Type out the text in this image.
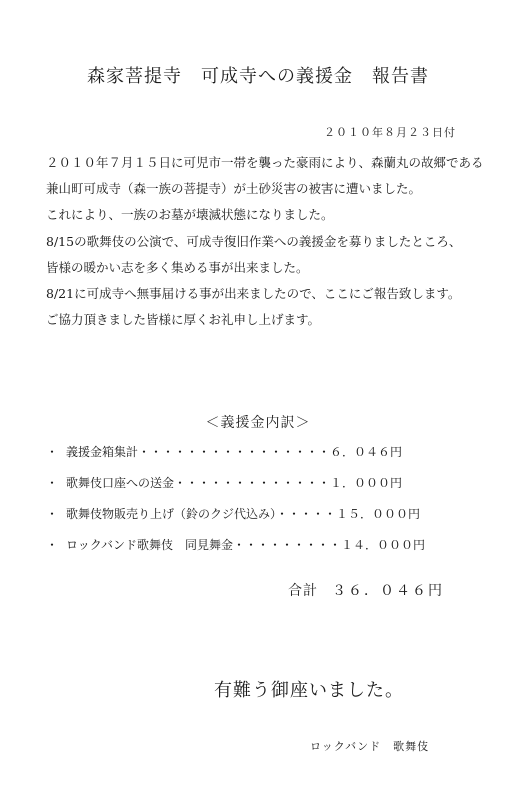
森家菩提寺　可成寺への義援金　報告書
２０１０年８月２３日付
２０１０年７月１５日に可児市一帯を襲った豪雨により、森蘭丸の故郷である
兼山町可成寺（森一族の菩提寺）が土砂災害の被害に遭いました。
これにより、一族のお墓が壊滅状態になりました。
8/15の歌舞伎の公演で、可成寺復旧作業への義援金を募りましたところ、
皆様の暖かい志を多く集める事が出来ました。
8/21に可成寺へ無事届ける事が出来ましたので、ここにご報告致します。
ご協力頂きました皆様に厚くお礼申し上げます。
＜義援金内訳＞
・ 義援金箱集計・・・・・・・・・・・・・・・・６．０４６円
・ 歌舞伎口座への送金・・・・・・・・・・・・・１．０００円
・ 歌舞伎物販売り上げ（鈴のクジ代込み）・・・・・１５．０００円
・ ロックバンド歌舞伎　同見舞金・・・・・・・・・１４．０００円
合計 ３６．０４６円
有難う御座いました。
ロックバンド　歌舞伎
